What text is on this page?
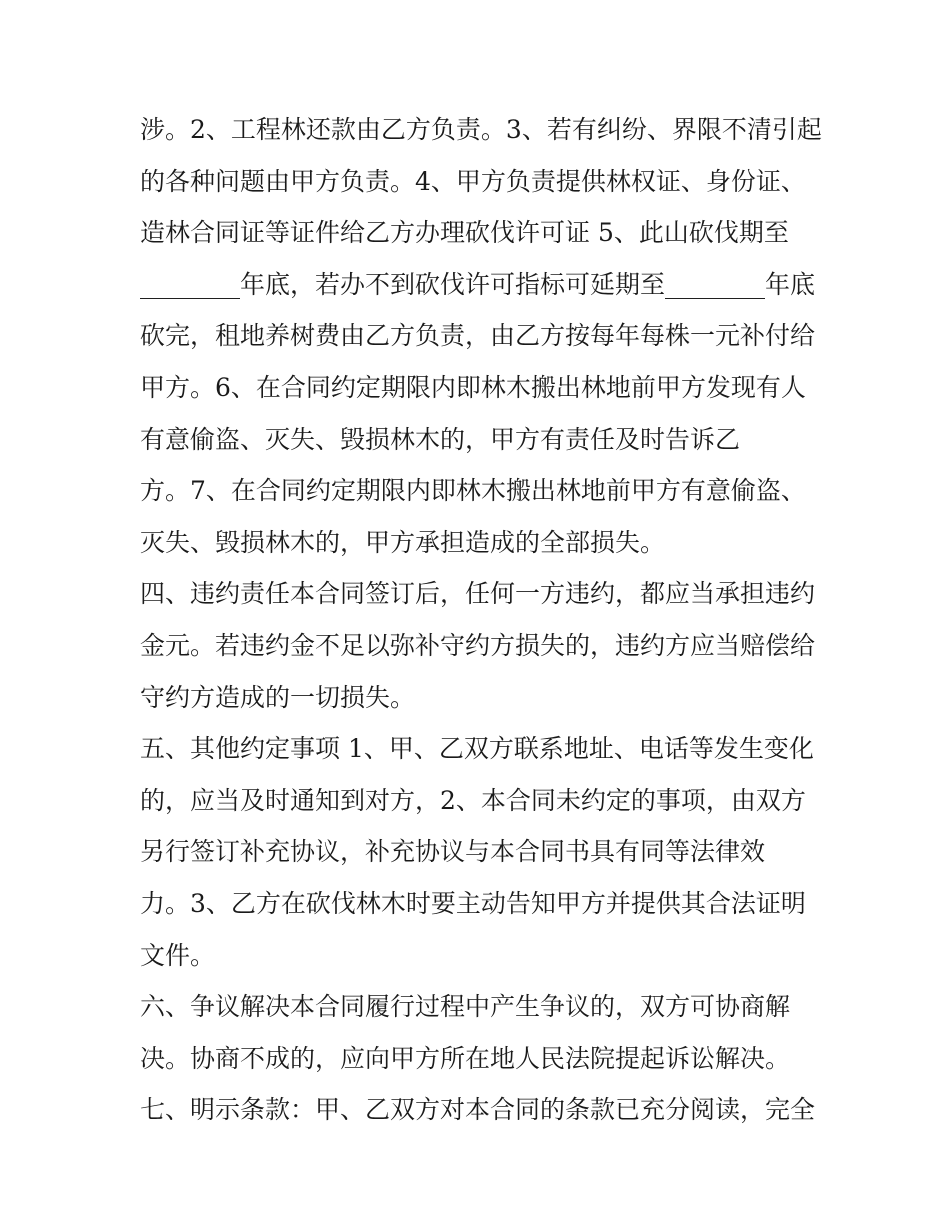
涉。2、工程林还款由乙方负责。3、若有纠纷、界限不清引起
的各种问题由甲方负责。4、甲方负责提供林权证、身份证、
造林合同证等证件给乙方办理砍伐许可证 5、此山砍伐期至
________年底，若办不到砍伐许可指标可延期至________年底
砍完，租地养树费由乙方负责，由乙方按每年每株一元补付给
甲方。6、在合同约定期限内即林木搬出林地前甲方发现有人
有意偷盗、灭失、毁损林木的，甲方有责任及时告诉乙
方。7、在合同约定期限内即林木搬出林地前甲方有意偷盗、
灭失、毁损林木的，甲方承担造成的全部损失。
四、违约责任本合同签订后，任何一方违约，都应当承担违约
金元。若违约金不足以弥补守约方损失的，违约方应当赔偿给
守约方造成的一切损失。
五、其他约定事项 1、甲、乙双方联系地址、电话等发生变化
的，应当及时通知到对方，2、本合同未约定的事项，由双方
另行签订补充协议，补充协议与本合同书具有同等法律效
力。3、乙方在砍伐林木时要主动告知甲方并提供其合法证明
文件。
六、争议解决本合同履行过程中产生争议的，双方可协商解
决。协商不成的，应向甲方所在地人民法院提起诉讼解决。
七、明示条款：甲、乙双方对本合同的条款已充分阅读，完全
